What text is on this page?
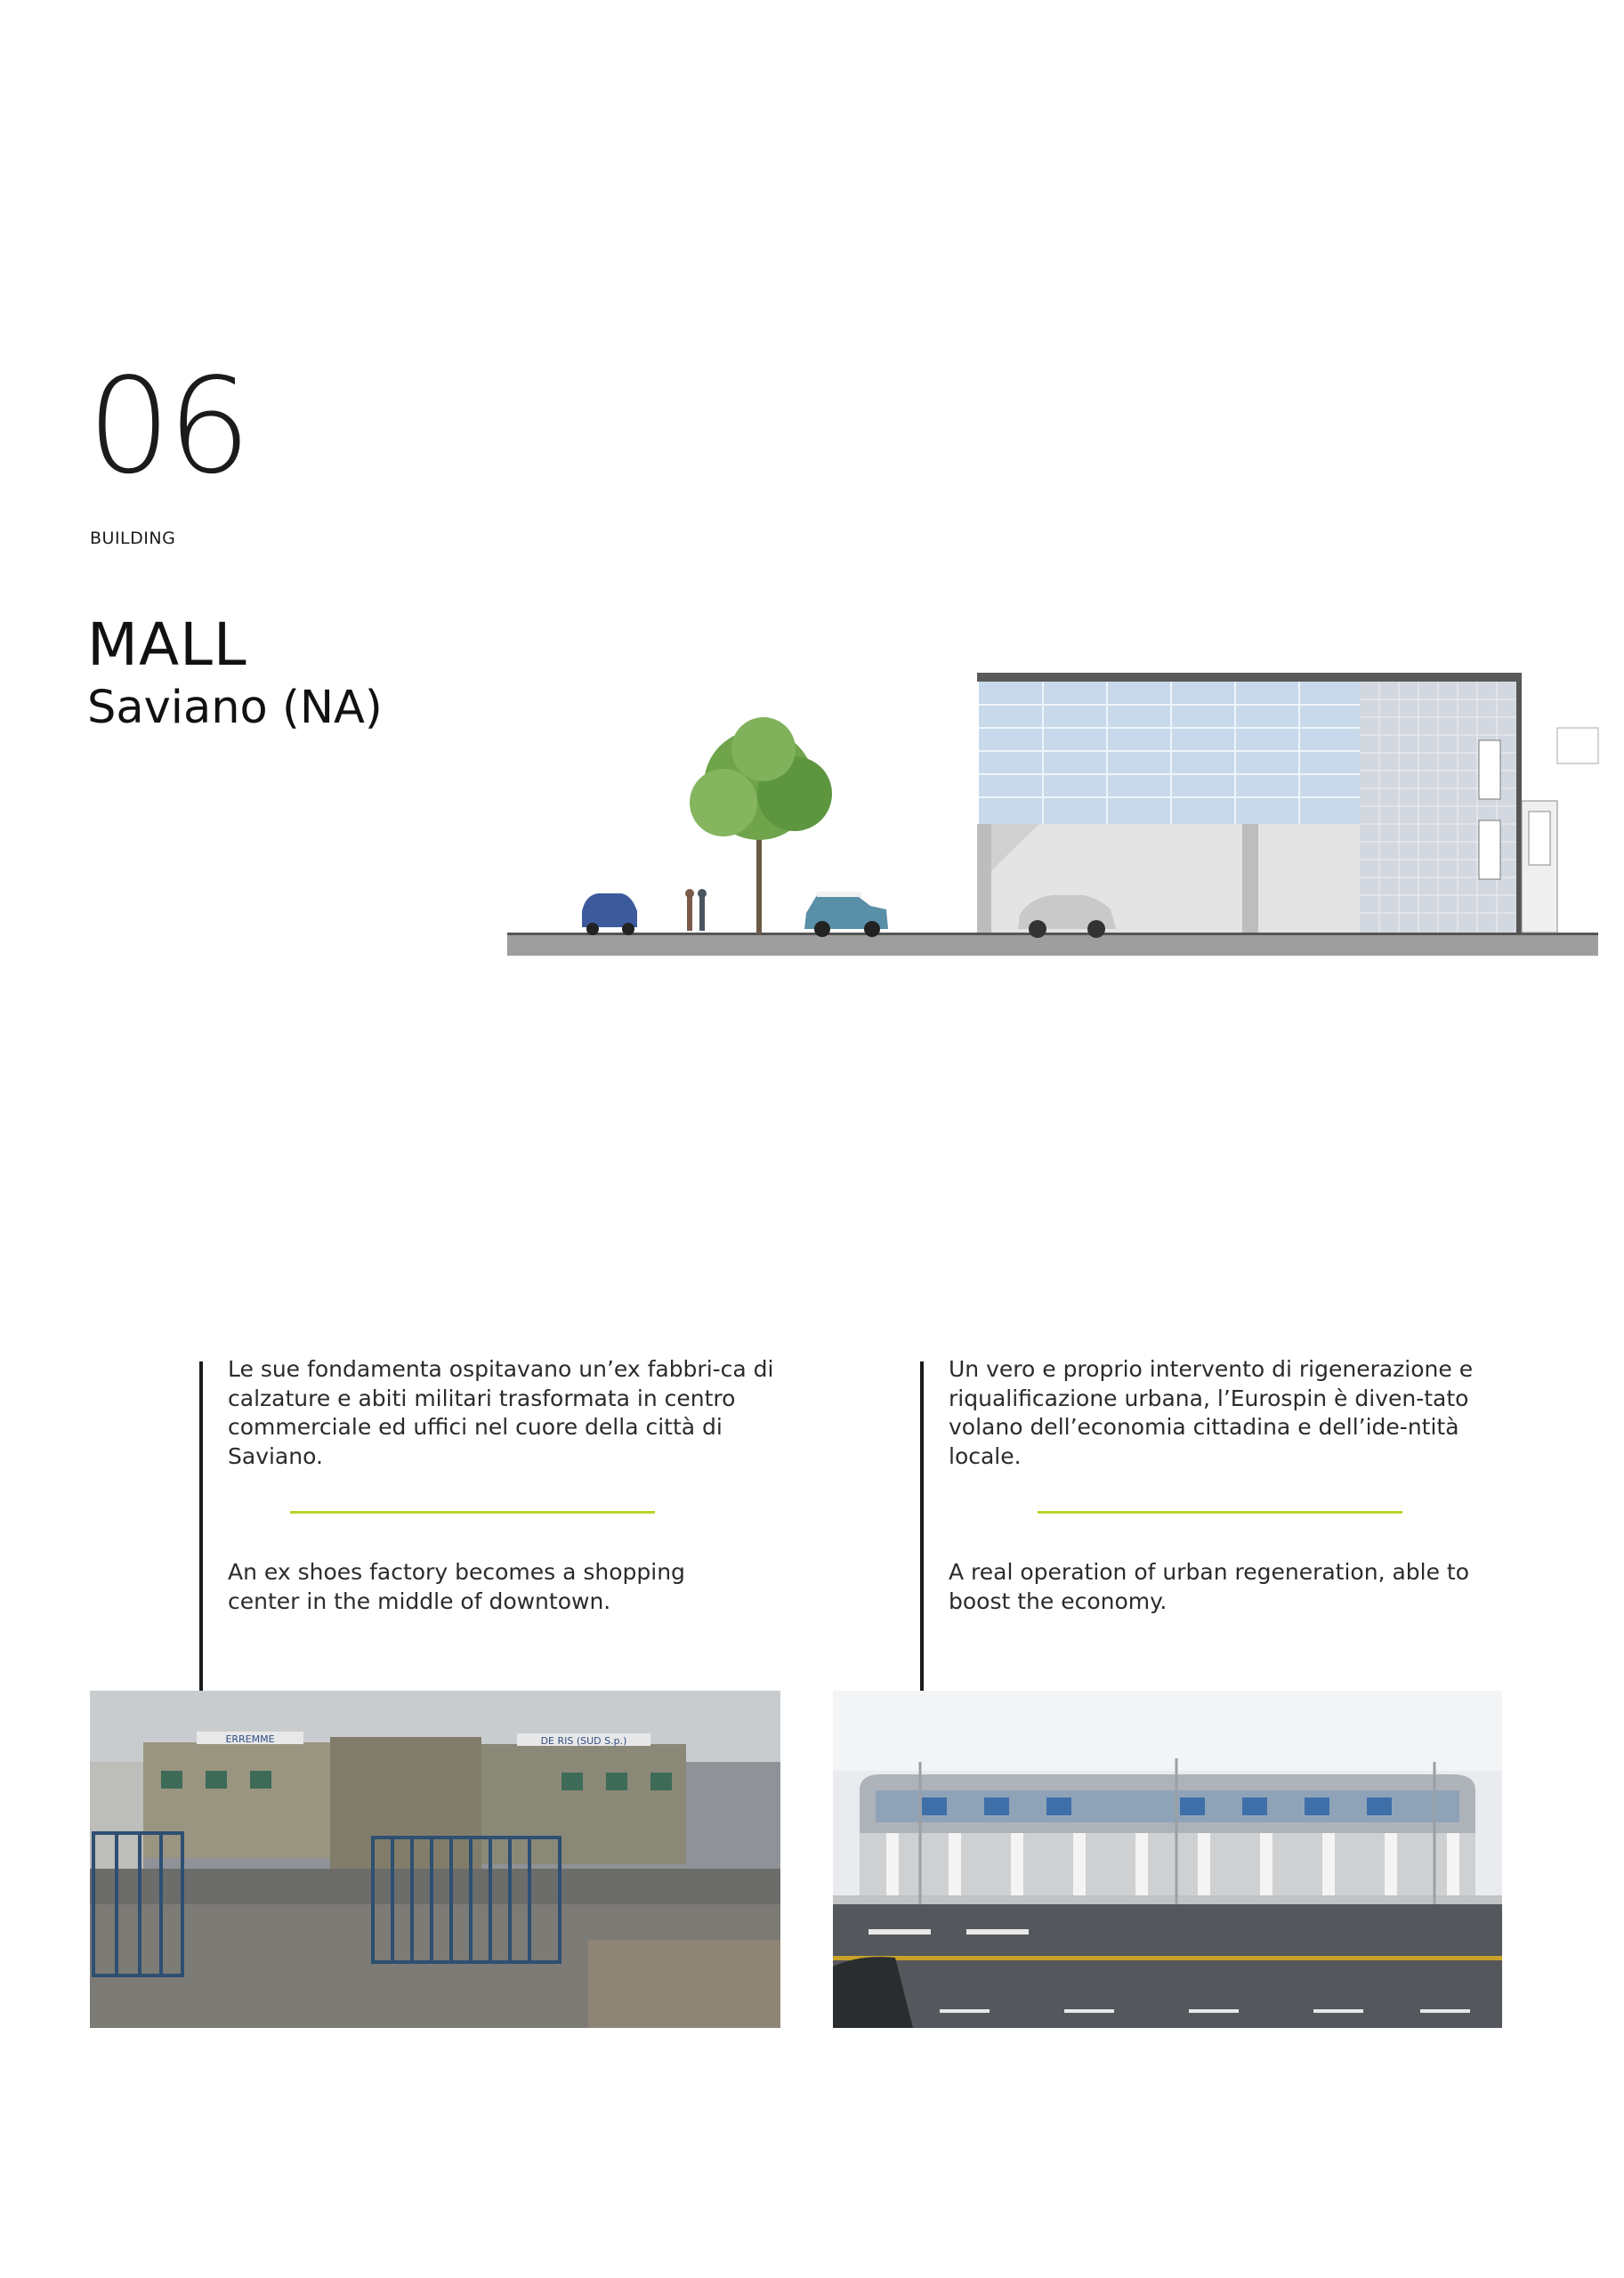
06
BUILDING
MALL
Saviano (NA)
Le sue fondamenta ospitavano un’ex fabbri-ca di calzature e abiti militari trasformata in centro commerciale ed uffici nel cuore della città di Saviano.
An ex shoes factory becomes a shopping center in the middle of downtown.
Un vero e proprio intervento di rigenerazione e riqualificazione urbana, l’Eurospin è diven-tato volano dell’economia cittadina e dell’ide-ntità locale.
A real operation of urban regeneration, able to boost the economy.
ERREMME	DE RIS (SUD S.p.)
